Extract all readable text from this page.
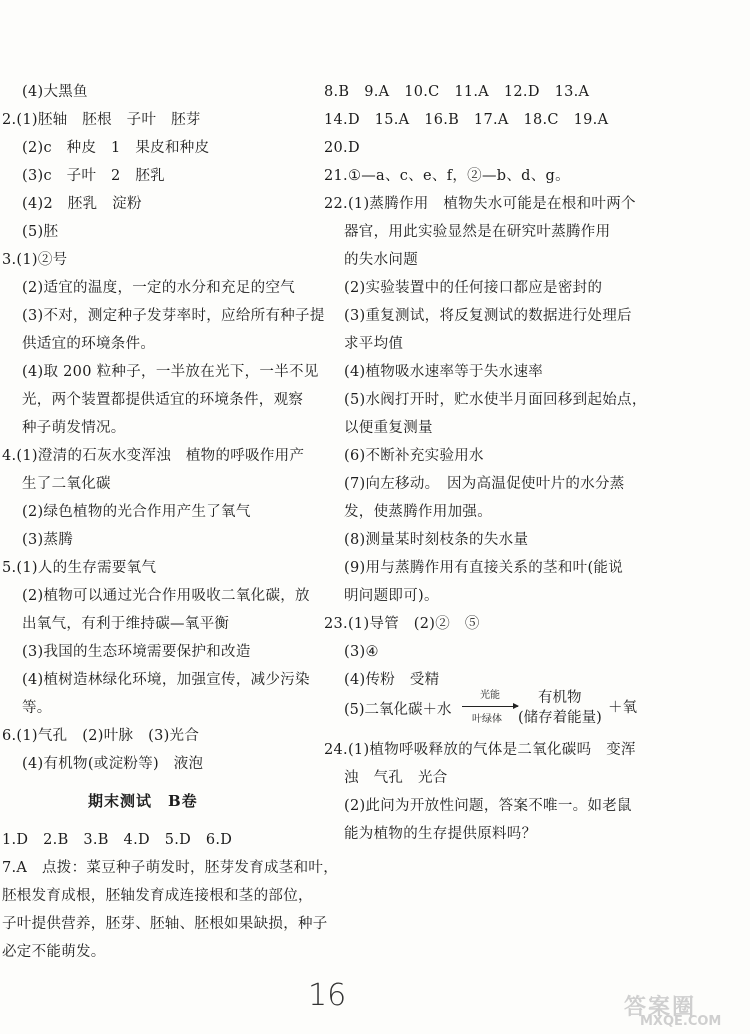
(4)大黑鱼
2.(1)胚轴　胚根　子叶　胚芽
(2)c　种皮　1　果皮和种皮
(3)c　子叶　2　胚乳
(4)2　胚乳　淀粉
(5)胚
3.(1)②号
(2)适宜的温度，一定的水分和充足的空气
(3)不对，测定种子发芽率时，应给所有种子提
供适宜的环境条件。
(4)取 200 粒种子，一半放在光下，一半不见
光，两个装置都提供适宜的环境条件，观察
种子萌发情况。
4.(1)澄清的石灰水变浑浊　植物的呼吸作用产
生了二氧化碳
(2)绿色植物的光合作用产生了氧气
(3)蒸腾
5.(1)人的生存需要氧气
(2)植物可以通过光合作用吸收二氧化碳，放
出氧气，有利于维持碳—氧平衡
(3)我国的生态环境需要保护和改造
(4)植树造林绿化环境，加强宣传，减少污染
等。
6.(1)气孔　(2)叶脉　(3)光合
(4)有机物(或淀粉等)　液泡
期末测试　B卷
1.D　2.B　3.B　4.D　5.D　6.D
7.A　点拨：菜豆种子萌发时，胚芽发育成茎和叶，
胚根发育成根，胚轴发育成连接根和茎的部位，
子叶提供营养，胚芽、胚轴、胚根如果缺损，种子
必定不能萌发。
8.B　9.A　10.C　11.A　12.D　13.A
14.D　15.A　16.B　17.A　18.C　19.A
20.D
21.①—a、c、e、f，②—b、d、g。
22.(1)蒸腾作用　植物失水可能是在根和叶两个
器官，用此实验显然是在研究叶蒸腾作用
的失水问题
(2)实验装置中的任何接口都应是密封的
(3)重复测试，将反复测试的数据进行处理后
求平均值
(4)植物吸水速率等于失水速率
(5)水阀打开时，贮水使半月面回移到起始点，
以便重复测量
(6)不断补充实验用水
(7)向左移动。　因为高温促使叶片的水分蒸
发，使蒸腾作用加强。
(8)测量某时刻枝条的失水量
(9)用与蒸腾作用有直接关系的茎和叶(能说
明问题即可)。
23.(1)导管　(2)②　⑤
(3)④
(4)传粉　受精
(5)二氧化碳＋水
光能
叶绿体
有机物
(储存着能量)
＋氧
24.(1)植物呼吸释放的气体是二氧化碳吗　变浑
浊　气孔　光合
(2)此问为开放性问题，答案不唯一。如老鼠
能为植物的生存提供原料吗？
16	答案圈
MXQE.COM
